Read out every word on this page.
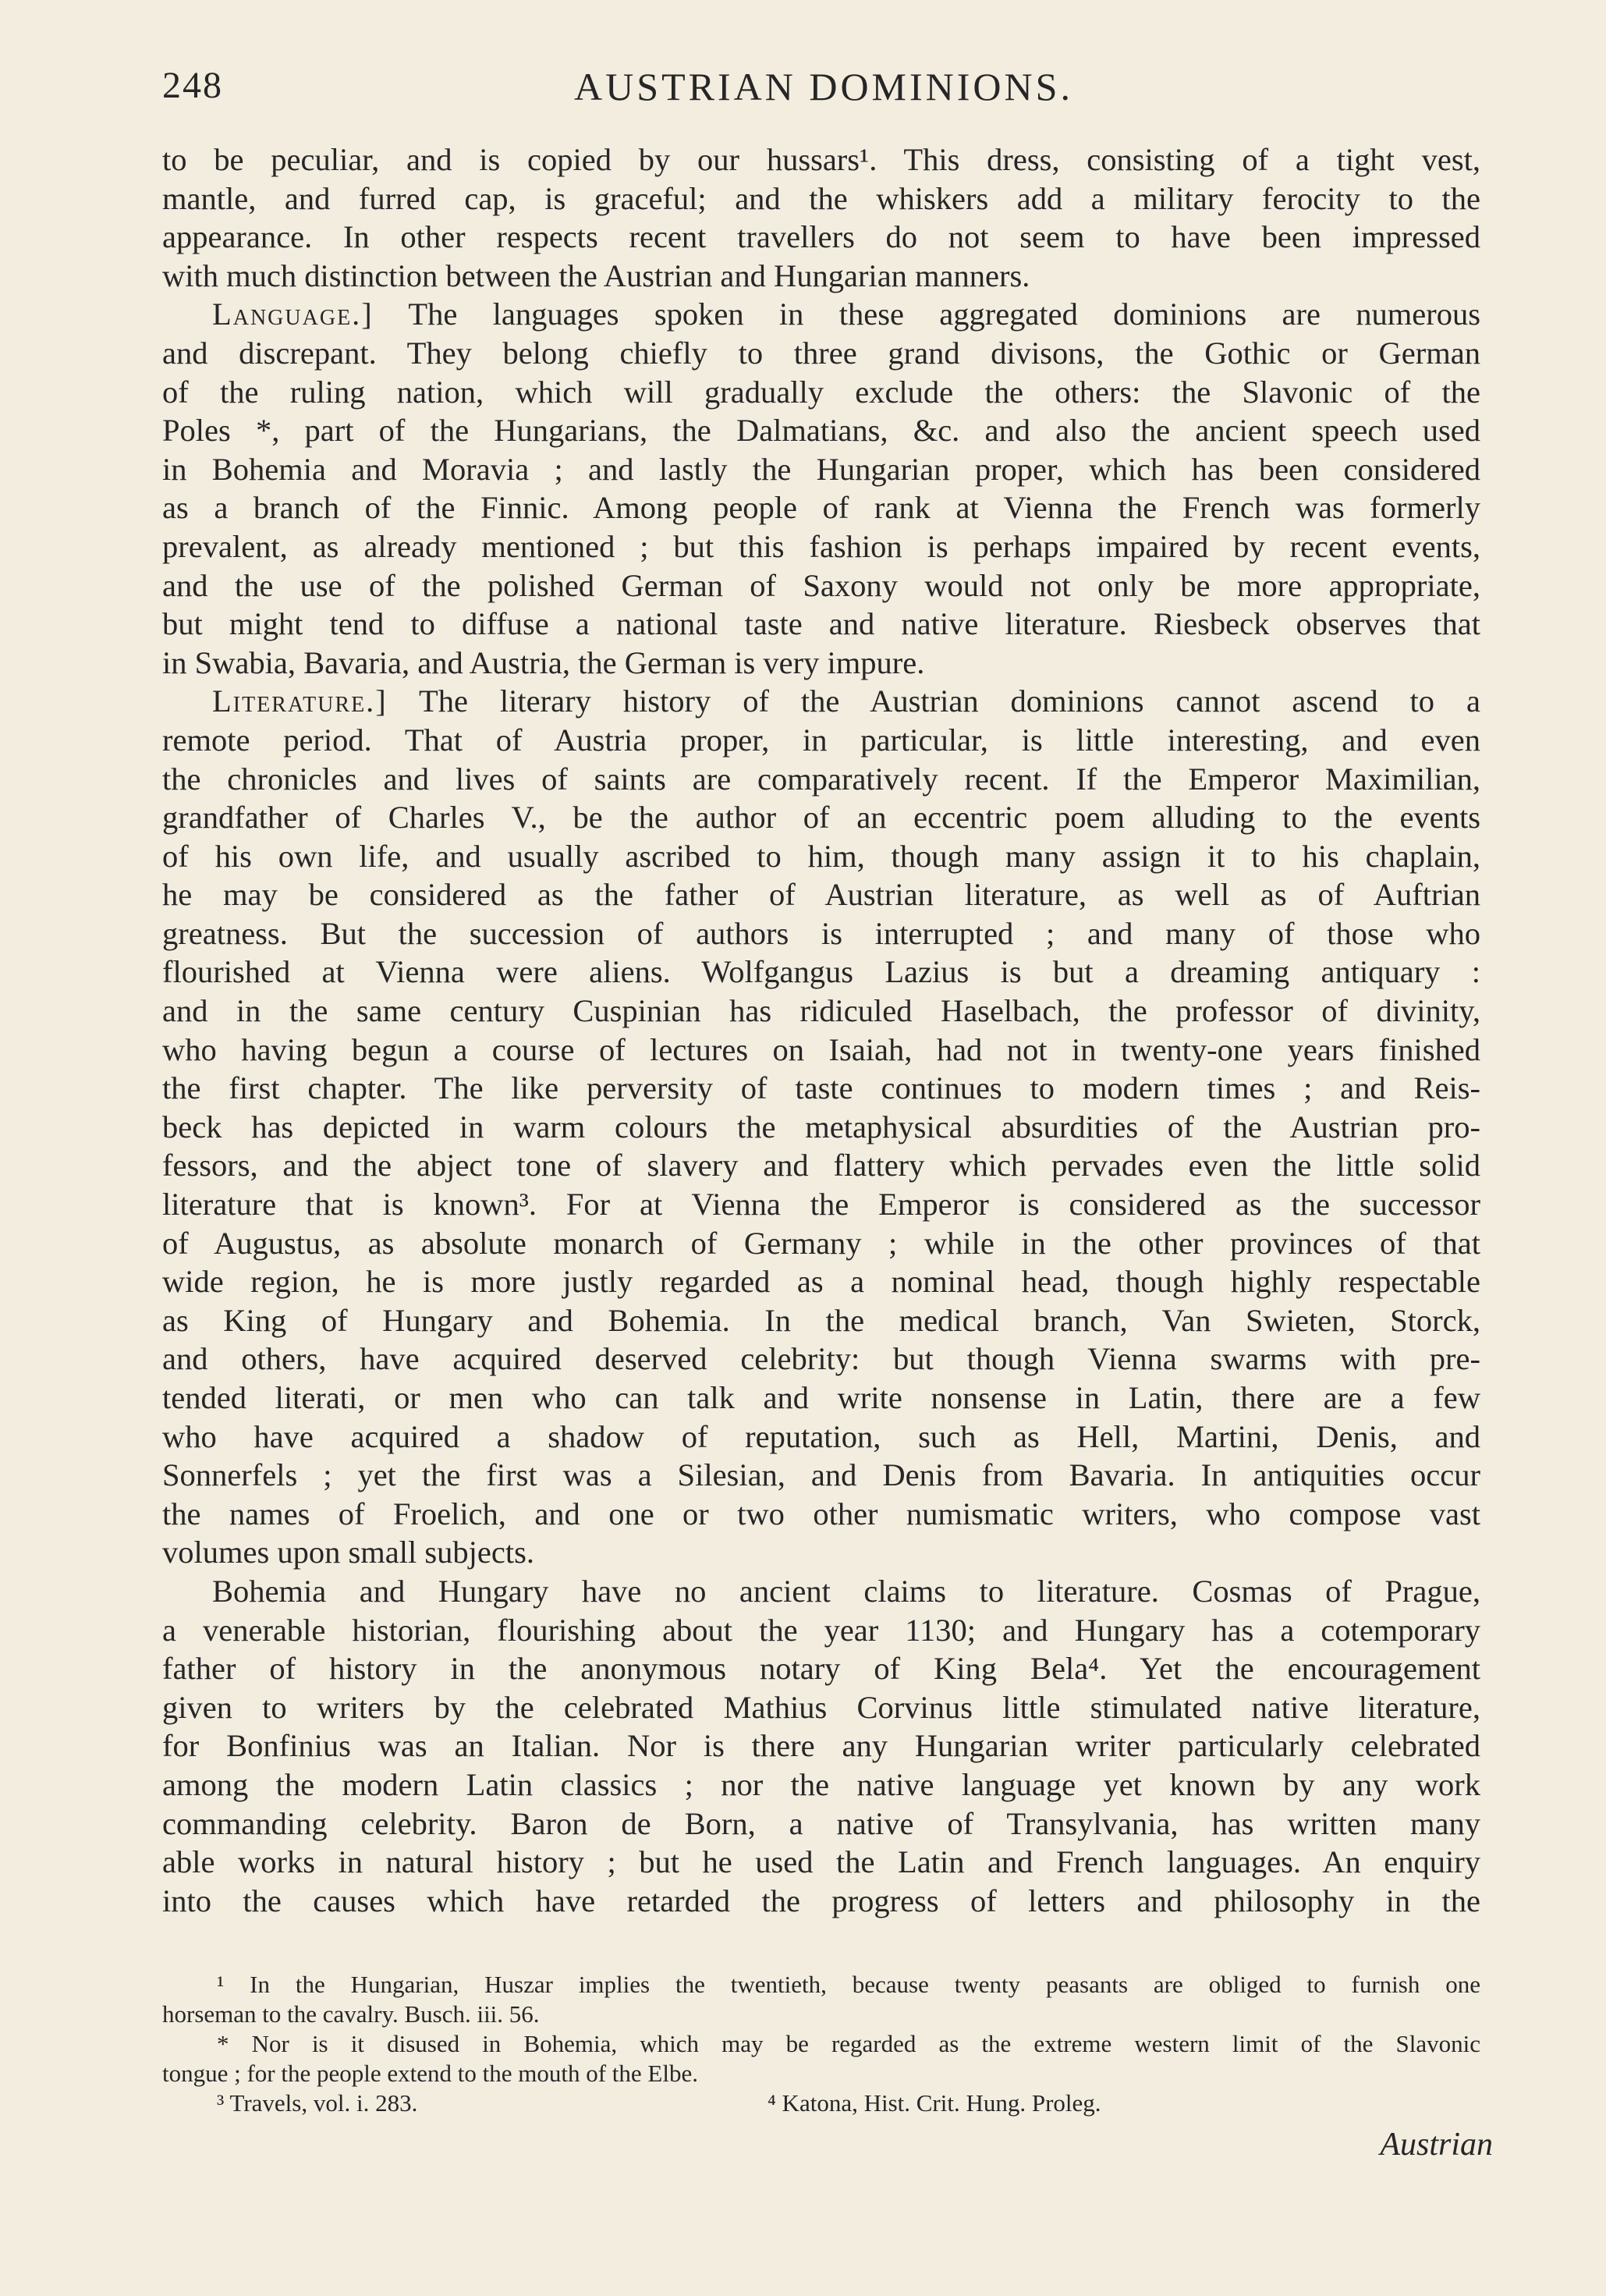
248	AUSTRIAN DOMINIONS.

to be peculiar, and is copied by our hussars¹. This dress, consisting of a tight vest,

mantle, and furred cap, is graceful; and the whiskers add a military ferocity to the

appearance. In other respects recent travellers do not seem to have been impressed

with much distinction between the Austrian and Hungarian manners.

Language.] The languages spoken in these aggregated dominions are numerous

and discrepant. They belong chiefly to three grand divisons, the Gothic or German

of the ruling nation, which will gradually exclude the others: the Slavonic of the

Poles *, part of the Hungarians, the Dalmatians, &c. and also the ancient speech used

in Bohemia and Moravia ; and lastly the Hungarian proper, which has been considered

as a branch of the Finnic. Among people of rank at Vienna the French was formerly

prevalent, as already mentioned ; but this fashion is perhaps impaired by recent events,

and the use of the polished German of Saxony would not only be more appropriate,

but might tend to diffuse a national taste and native literature. Riesbeck observes that

in Swabia, Bavaria, and Austria, the German is very impure.

Literature.] The literary history of the Austrian dominions cannot ascend to a

remote period. That of Austria proper, in particular, is little interesting, and even

the chronicles and lives of saints are comparatively recent. If the Emperor Maximilian,

grandfather of Charles V., be the author of an eccentric poem alluding to the events

of his own life, and usually ascribed to him, though many assign it to his chaplain,

he may be considered as the father of Austrian literature, as well as of Auftrian

greatness. But the succession of authors is interrupted ; and many of those who

flourished at Vienna were aliens. Wolfgangus Lazius is but a dreaming antiquary :

and in the same century Cuspinian has ridiculed Haselbach, the professor of divinity,

who having begun a course of lectures on Isaiah, had not in twenty-one years finished

the first chapter. The like perversity of taste continues to modern times ; and Reis-

beck has depicted in warm colours the metaphysical absurdities of the Austrian pro-

fessors, and the abject tone of slavery and flattery which pervades even the little solid

literature that is known³. For at Vienna the Emperor is considered as the successor

of Augustus, as absolute monarch of Germany ; while in the other provinces of that

wide region, he is more justly regarded as a nominal head, though highly respectable

as King of Hungary and Bohemia. In the medical branch, Van Swieten, Storck,

and others, have acquired deserved celebrity: but though Vienna swarms with pre-

tended literati, or men who can talk and write nonsense in Latin, there are a few

who have acquired a shadow of reputation, such as Hell, Martini, Denis, and

Sonnerfels ; yet the first was a Silesian, and Denis from Bavaria. In antiquities occur

the names of Froelich, and one or two other numismatic writers, who compose vast

volumes upon small subjects.

Bohemia and Hungary have no ancient claims to literature. Cosmas of Prague,

a venerable historian, flourishing about the year 1130; and Hungary has a cotemporary

father of history in the anonymous notary of King Bela⁴. Yet the encouragement

given to writers by the celebrated Mathius Corvinus little stimulated native literature,

for Bonfinius was an Italian. Nor is there any Hungarian writer particularly celebrated

among the modern Latin classics ; nor the native language yet known by any work

commanding celebrity. Baron de Born, a native of Transylvania, has written many

able works in natural history ; but he used the Latin and French languages. An enquiry

into the causes which have retarded the progress of letters and philosophy in the

¹ In the Hungarian, Huszar implies the twentieth, because twenty peasants are obliged to furnish one

horseman to the cavalry. Busch. iii. 56.

* Nor is it disused in Bohemia, which may be regarded as the extreme western limit of the Slavonic

tongue ; for the people extend to the mouth of the Elbe.

³ Travels, vol. i. 283.	⁴ Katona, Hist. Crit. Hung. Proleg.
Austrian
